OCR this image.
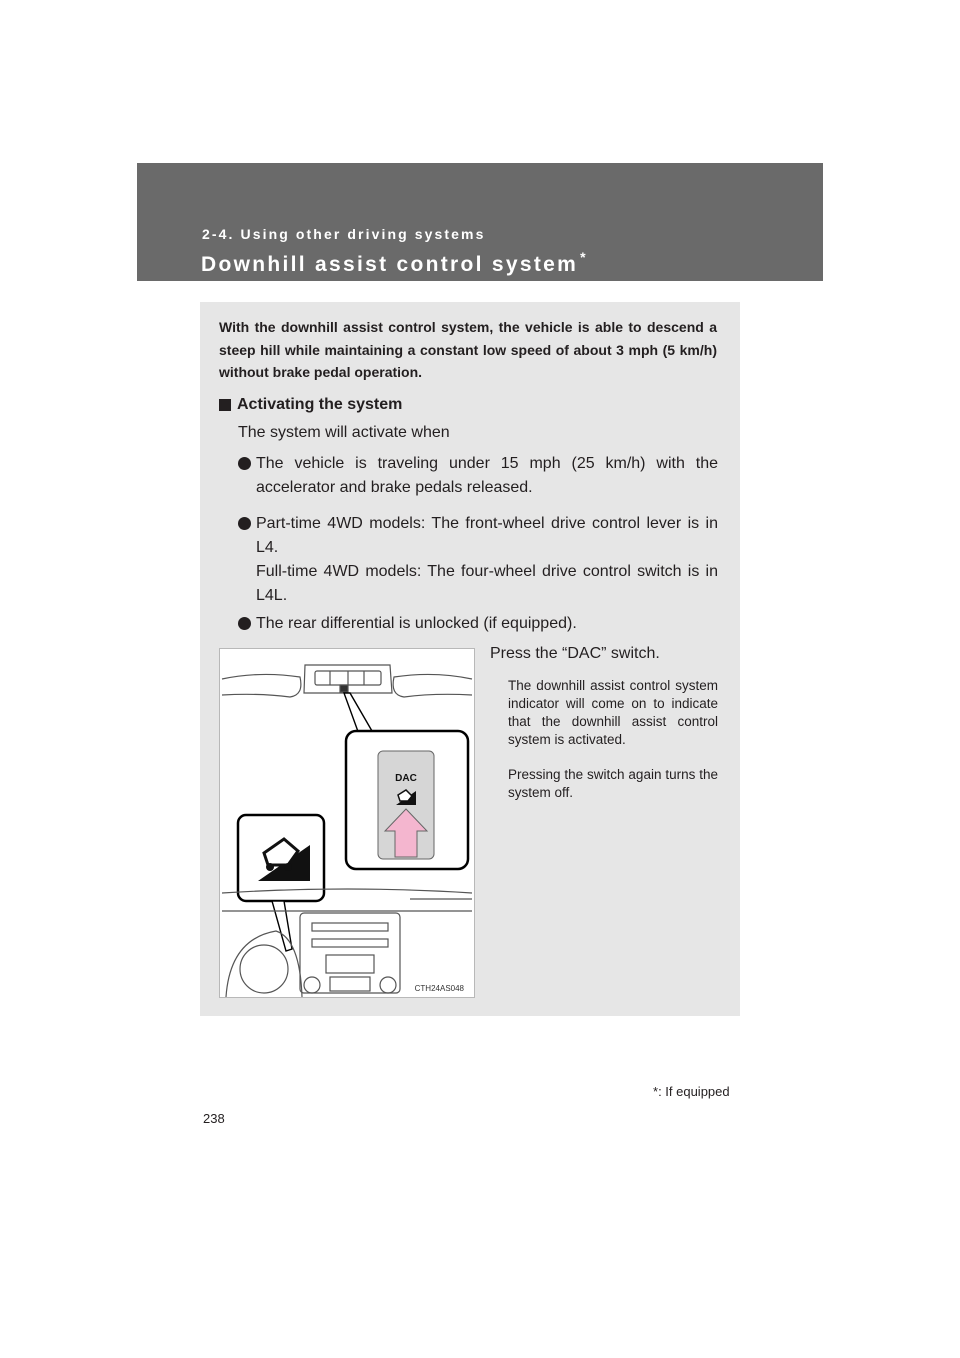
2-4. Using other driving systems
Downhill assist control system *
With the downhill assist control system, the vehicle is able to descend a steep hill while maintaining a constant low speed of about 3 mph (5 km/h) without brake pedal operation.
Activating the system
The system will activate when
The vehicle is traveling under 15 mph (25 km/h) with the accelerator and brake pedals released.
Part-time 4WD models: The front-wheel drive control lever is in L4.
Full-time 4WD models: The four-wheel drive control switch is in L4L.
The rear differential is unlocked (if equipped).
Press the “DAC” switch.
The downhill assist control system indicator will come on to indicate that the downhill assist control system is activated.
Pressing the switch again turns the system off.
DAC
CTH24AS048
*: If equipped
238
